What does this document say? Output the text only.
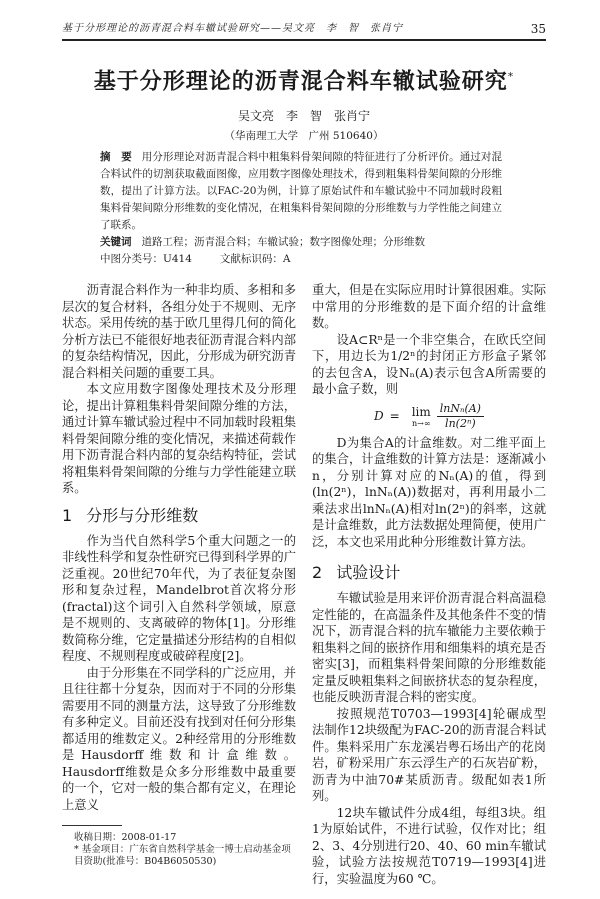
基于分形理论的沥青混合料车辙试验研究——吴文亮　李　智　张肖宁	35
基于分形理论的沥青混合料车辙试验研究*
吴文亮　李　智　张肖宁
（华南理工大学　广州 510640）
摘　要 用分形理论对沥青混合料中粗集料骨架间隙的特征进行了分析评价。通过对混合料试件的切割获取截面图像，应用数字图像处理技术，得到粗集料骨架间隙的分形维数，提出了计算方法。以FAC-20为例，计算了原始试件和车辙试验中不同加载时段粗集料骨架间隙分形维数的变化情况，在粗集料骨架间隙的分形维数与力学性能之间建立了联系。
关键词 道路工程；沥青混合料；车辙试验；数字图像处理；分形维数
中图分类号：U414	文献标识码：A

沥青混合料作为一种非均质、多相和多层次的复合材料，各组分处于不规则、无序状态。采用传统的基于欧几里得几何的简化分析方法已不能很好地表征沥青混合料内部的复杂结构情况，因此，分形成为研究沥青混合料相关问题的重要工具。

本文应用数字图像处理技术及分形理论，提出计算粗集料骨架间隙分维的方法，通过计算车辙试验过程中不同加载时段粗集料骨架间隙分维的变化情况，来描述荷载作用下沥青混合料内部的复杂结构特征，尝试将粗集料骨架间隙的分维与力学性能建立联系。

1 分形与分形维数

作为当代自然科学5个重大问题之一的非线性科学和复杂性研究已得到科学界的广泛重视。20世纪70年代，为了表征复杂图形和复杂过程，Mandelbrot首次将分形(fractal)这个词引入自然科学领域，原意是不规则的、支离破碎的物体[1]。分形维数简称分维，它定量描述分形结构的自相似程度、不规则程度或破碎程度[2]。

由于分形集在不同学科的广泛应用，并且往往都十分复杂，因而对于不同的分形集需要用不同的测量方法，这导致了分形维数有多种定义。目前还没有找到对任何分形集都适用的维数定义。2种经常用的分形维数是Hausdorff维数和计盒维数。Hausdorff维数是众多分形维数中最重要的一个，它对一般的集合都有定义，在理论上意义

收稿日期：2008-01-17
* 基金项目：广东省自然科学基金一博士启动基金项目资助(批准号：B04B6050530)

重大，但是在实际应用时计算很困难。实际中常用的分形维数的是下面介绍的计盒维数。

设A⊂Rⁿ是一个非空集合，在欧氏空间下，用边长为1/2ⁿ的封闭正方形盒子紧邻的去包含A，设Nₙ(A)表示包含A所需要的最小盒子数，则

D = lim
$n\to\infty \frac{\text{lnNₙ(A)}}{\text{ln(2ⁿ)}}$

D为集合A的计盒维数。对二维平面上的集合，计盒维数的计算方法是：逐渐减小n，分别计算对应的Nₙ(A)的值，得到(ln(2ⁿ)，lnNₙ(A))数据对，再利用最小二乘法求出lnNₙ(A)相对ln(2ⁿ)的斜率，这就是计盒维数，此方法数据处理简便，使用广泛，本文也采用此种分形维数计算方法。

2 试验设计

车辙试验是用来评价沥青混合料高温稳定性能的，在高温条件及其他条件不变的情况下，沥青混合料的抗车辙能力主要依赖于粗集料之间的嵌挤作用和细集料的填充是否密实[3]，而粗集料骨架间隙的分形维数能定量反映粗集料之间嵌挤状态的复杂程度，也能反映沥青混合料的密实度。

按照规范T0703—1993[4]轮碾成型法制作12块级配为FAC-20的沥青混合料试件。集料采用广东龙溪岩粤石场出产的花岗岩，矿粉采用广东云浮生产的石灰岩矿粉，沥青为中油70#某质沥青。级配如表1所列。

12块车辙试件分成4组，每组3块。组1为原始试件，不进行试验，仅作对比；组2、3、4分别进行20、40、60 min车辙试验，试验方法按规范T0719—1993[4]进行，实验温度为60 ℃。
